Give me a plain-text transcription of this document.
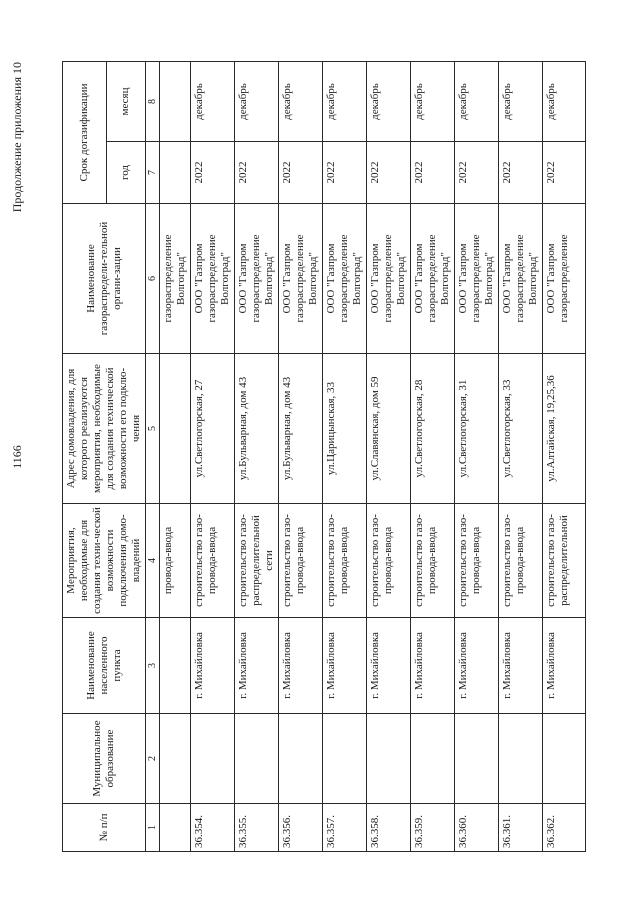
1166
Продолжение приложения 10
№ п/п	Муниципальное образование	Наименование населенного пункта	Мероприятия, необходимые для создания техни-ческой возможности подключения домо-владений	Адрес домовладения, для которого реализуются мероприятия, необходимые для создания технической возможности его подклю-чения	Наименование газораспредели-тельной органи-зации	Срок догазификации	
						год	месяц
1	2	3	4	5	6	7	8
			провода-ввода		газораспределение Волгоград"		
36.354.		г. Михайловка	строительство газо-провода-ввода	ул.Светлогорская, 27	ООО "Газпром газораспределение Волгоград"	2022	декабрь
36.355.		г. Михайловка	строительство газо-распределительной сети	ул.Бульварная, дом 43	ООО "Газпром газораспределение Волгоград"	2022	декабрь
36.356.		г. Михайловка	строительство газо-провода-ввода	ул.Бульварная, дом 43	ООО "Газпром газораспределение Волгоград"	2022	декабрь
36.357.		г. Михайловка	строительство газо-провода-ввода	ул.Царицынская, 33	ООО "Газпром газораспределение Волгоград"	2022	декабрь
36.358.		г. Михайловка	строительство газо-провода-ввода	ул.Славянская, дом 59	ООО "Газпром газораспределение Волгоград"	2022	декабрь
36.359.		г. Михайловка	строительство газо-провода-ввода	ул.Светлогорская, 28	ООО "Газпром газораспределение Волгоград"	2022	декабрь
36.360.		г. Михайловка	строительство газо-провода-ввода	ул.Светлогорская, 31	ООО "Газпром газораспределение Волгоград"	2022	декабрь
36.361.		г. Михайловка	строительство газо-провода-ввода	ул.Светлогорская, 33	ООО "Газпром газораспределение Волгоград"	2022	декабрь
36.362.		г. Михайловка	строительство газо-распределительной	ул.Алтайская, 19,25,36	ООО "Газпром газораспределение	2022	декабрь
